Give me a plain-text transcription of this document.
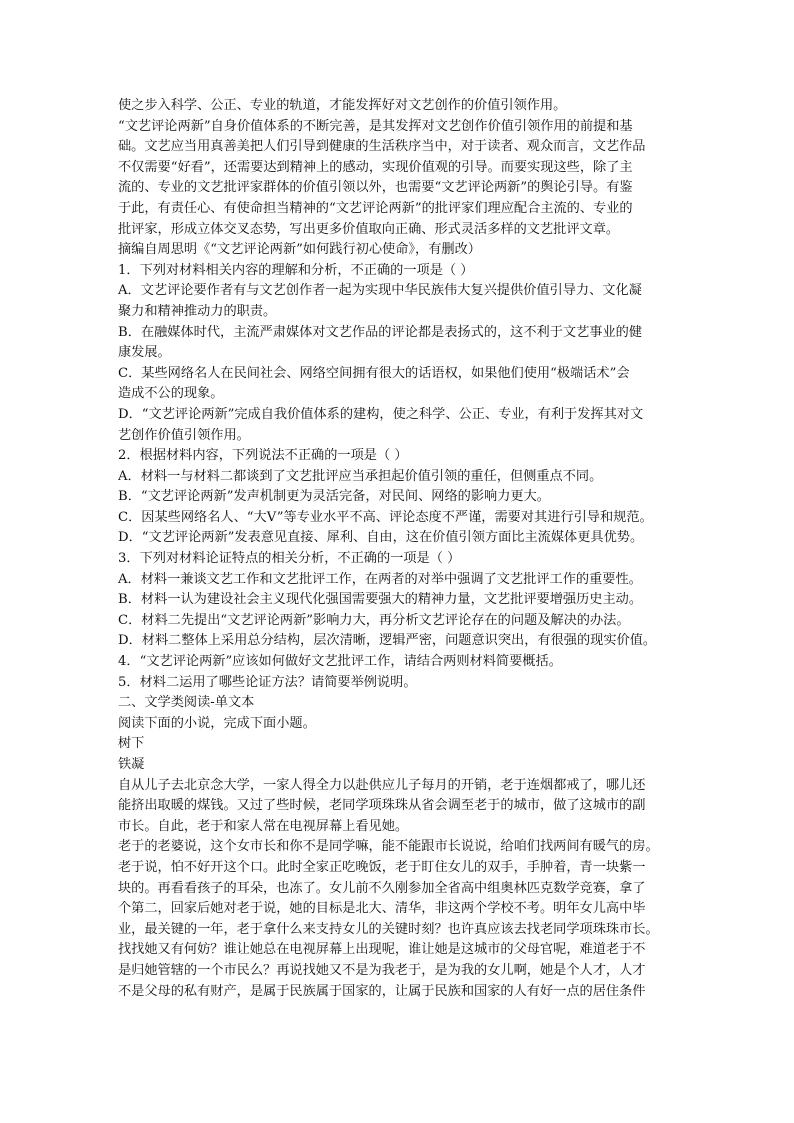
使之步入科学、公正、专业的轨道，才能发挥好对文艺创作的价值引领作用。
“文艺评论两新”自身价值体系的不断完善，是其发挥对文艺创作价值引领作用的前提和基
础。文艺应当用真善美把人们引导到健康的生活秩序当中，对于读者、观众而言，文艺作品
不仅需要“好看”，还需要达到精神上的感动，实现价值观的引导。而要实现这些，除了主
流的、专业的文艺批评家群体的价值引领以外，也需要“文艺评论两新”的舆论引导。有鉴
于此，有责任心、有使命担当精神的“文艺评论两新”的批评家们理应配合主流的、专业的
批评家，形成立体交叉态势，写出更多价值取向正确、形式灵活多样的文艺批评文章。
摘编自周思明《“文艺评论两新”如何践行初心使命》，有删改）
1．下列对材料相关内容的理解和分析，不正确的一项是（ ）
A．文艺评论要作者有与文艺创作者一起为实现中华民族伟大复兴提供价值引导力、文化凝
聚力和精神推动力的职责。
B．在融媒体时代，主流严肃媒体对文艺作品的评论都是表扬式的，这不利于文艺事业的健
康发展。
C．某些网络名人在民间社会、网络空间拥有很大的话语权，如果他们使用“极端话术”会
造成不公的现象。
D．“文艺评论两新”完成自我价值体系的建构，使之科学、公正、专业，有利于发挥其对文
艺创作价值引领作用。
2．根据材料内容，下列说法不正确的一项是（ ）
A．材料一与材料二都谈到了文艺批评应当承担起价值引领的重任，但侧重点不同。
B．“文艺评论两新”发声机制更为灵活完备，对民间、网络的影响力更大。
C．因某些网络名人、“大V”等专业水平不高、评论态度不严谨，需要对其进行引导和规范。
D．“文艺评论两新”发表意见直接、犀利、自由，这在价值引领方面比主流媒体更具优势。
3．下列对材料论证特点的相关分析，不正确的一项是（ ）
A．材料一兼谈文艺工作和文艺批评工作，在两者的对举中强调了文艺批评工作的重要性。
B．材料一认为建设社会主义现代化强国需要强大的精神力量，文艺批评要增强历史主动。
C．材料二先提出“文艺评论两新”影响力大，再分析文艺评论存在的问题及解决的办法。
D．材料二整体上采用总分结构，层次清晰，逻辑严密，问题意识突出，有很强的现实价值。
4．“文艺评论两新”应该如何做好文艺批评工作，请结合两则材料简要概括。
5．材料二运用了哪些论证方法？请简要举例说明。
二、文学类阅读-单文本
阅读下面的小说，完成下面小题。
树下
铁凝
自从儿子去北京念大学，一家人得全力以赴供应儿子每月的开销，老于连烟都戒了，哪儿还
能挤出取暖的煤钱。又过了些时候，老同学项珠珠从省会调至老于的城市，做了这城市的副
市长。自此，老于和家人常在电视屏幕上看见她。
老于的老婆说，这个女市长和你不是同学嘛，能不能跟市长说说，给咱们找两间有暖气的房。
老于说，怕不好开这个口。此时全家正吃晚饭，老于盯住女儿的双手，手肿着，青一块紫一
块的。再看看孩子的耳朵，也冻了。女儿前不久刚参加全省高中组奥林匹克数学竞赛，拿了
个第二，回家后她对老于说，她的目标是北大、清华，非这两个学校不考。明年女儿高中毕
业，最关键的一年，老于拿什么来支持女儿的关键时刻？也许真应该去找老同学项珠珠市长。
找找她又有何妨？谁让她总在电视屏幕上出现呢，谁让她是这城市的父母官呢，难道老于不
是归她管辖的一个市民么？再说找她又不是为我老于，是为我的女儿啊，她是个人才，人才
不是父母的私有财产，是属于民族属于国家的，让属于民族和国家的人有好一点的居住条件
